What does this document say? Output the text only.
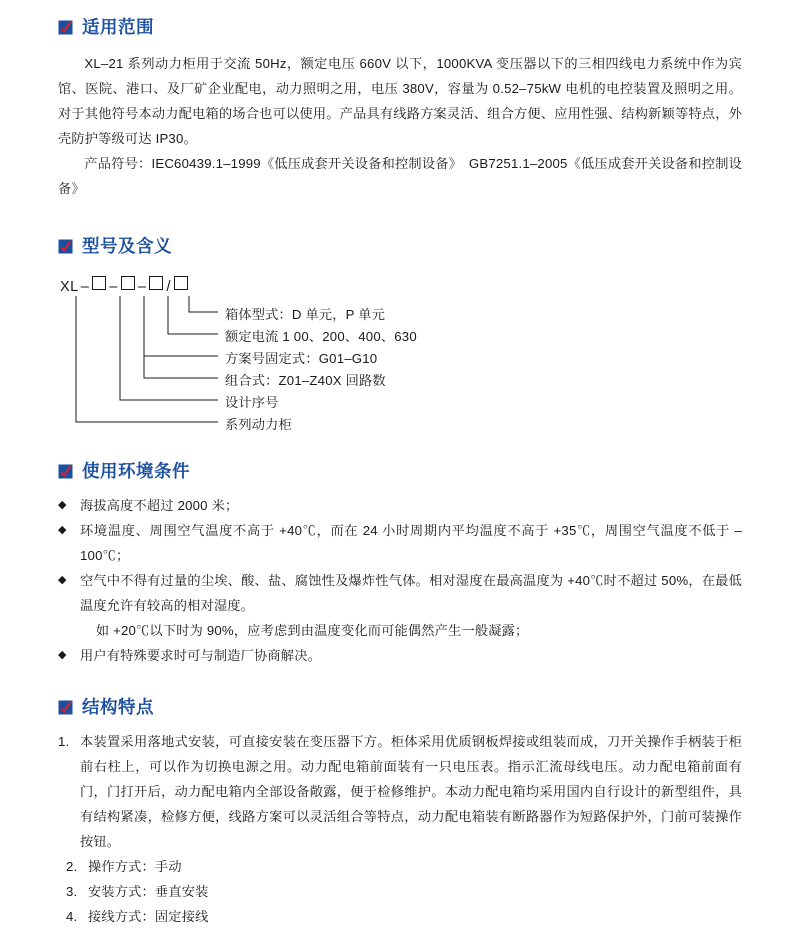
适用范围

XL–21 系列动力柜用于交流 50Hz，额定电压 660V 以下，1000KVA 变压器以下的三相四线电力系统中作为宾馆、医院、港口、及厂矿企业配电，动力照明之用，电压 380V，容量为 0.52–75kW 电机的电控装置及照明之用。对于其他符号本动力配电箱的场合也可以使用。产品具有线路方案灵活、组合方便、应用性强、结构新颖等特点，外壳防护等级可达 IP30。

产品符号：IEC60439.1–1999《低压成套开关设备和控制设备》　GB7251.1–2005《低压成套开关设备和控制设备》

型号及含义
XL – – – /
箱体型式：D 单元，P 单元
额定电流 1 00、200、400、630
方案号固定式：G01–G10
组合式：Z01–Z40X 回路数
设计序号
系列动力柜
使用环境条件

◆ 海拔高度不超过 2000 米；

◆ 环境温度、周围空气温度不高于 +40℃，而在 24 小时周期内平均温度不高于 +35℃，周围空气温度不低于 –100℃；

◆ 空气中不得有过量的尘埃、酸、盐、腐蚀性及爆炸性气体。相对湿度在最高温度为 +40℃时不超过 50%，在最低温度允许有较高的相对湿度。

如 +20℃以下时为 90%，应考虑到由温度变化而可能偶然产生一般凝露；

◆ 用户有特殊要求时可与制造厂协商解决。

结构特点

1. 本装置采用落地式安装，可直接安装在变压器下方。柜体采用优质钢板焊接或组装而成，刀开关操作手柄装于柜前右柱上，可以作为切换电源之用。动力配电箱前面装有一只电压表。指示汇流母线电压。动力配电箱前面有门，门打开后，动力配电箱内全部设备敞露，便于检修维护。本动力配电箱均采用国内自行设计的新型组件，具有结构紧凑，检修方便，线路方案可以灵活组合等特点，动力配电箱装有断路器作为短路保护外，门前可装操作按钮。

2. 操作方式：手动

3. 安装方式：垂直安装

4. 接线方式：固定接线
